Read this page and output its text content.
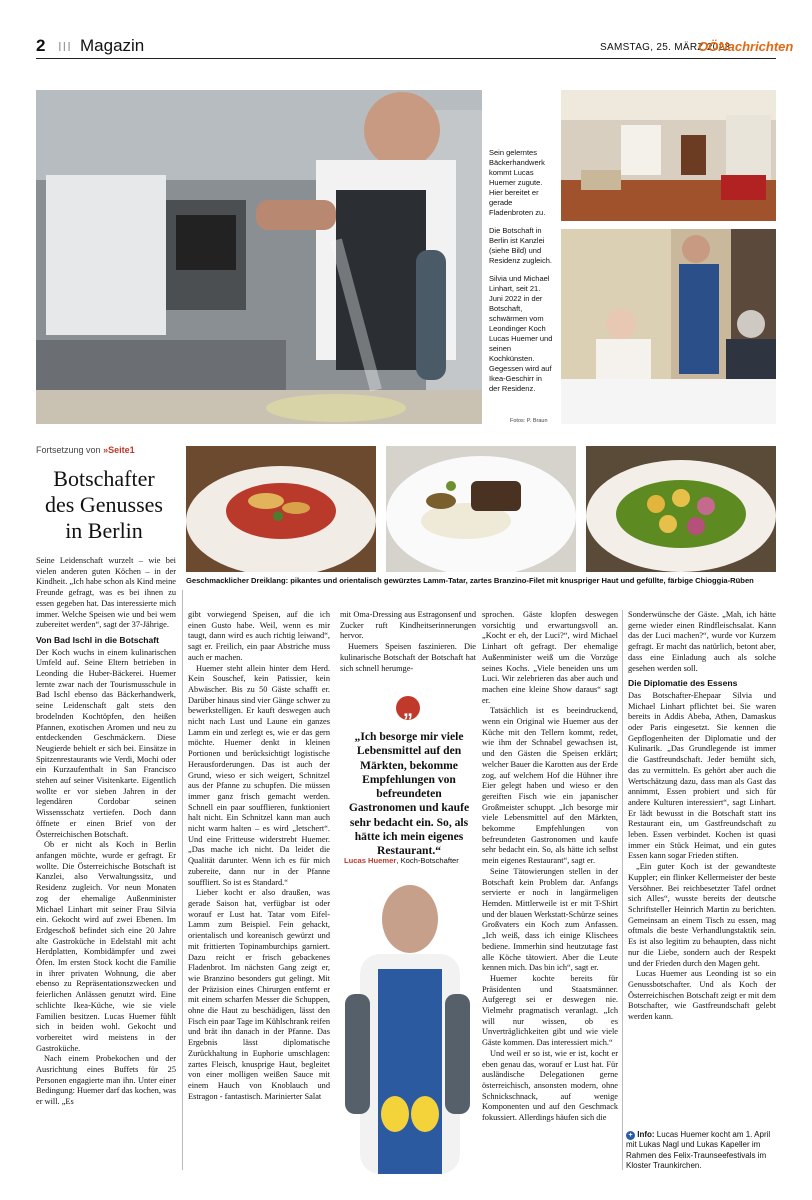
2 III Magazin	SAMSTAG, 25. MÄRZ 2023
OÖNachrichten

Sein gelerntes Bäckerhandwerk kommt Lucas Huemer zugute. Hier bereitet er gerade Fladenbroten zu.

Die Botschaft in Berlin ist Kanzlei (siehe Bild) und Residenz zugleich.

Silvia und Michael Linhart, seit 21. Juni 2022 in der Botschaft, schwärmen vom Leondinger Koch Lucas Huemer und seinen Kochkünsten. Gegessen wird auf Ikea-Geschirr in der Residenz.

Fotos: P. Braun
Fortsetzung von »Seite1
Botschafter des Genusses in Berlin
Geschmacklicher Dreiklang: pikantes und orientalisch gewürztes Lamm-Tatar, zartes Branzino-Filet mit knuspriger Haut und gefüllte, färbige Chioggia-Rüben

Seine Leidenschaft wurzelt – wie bei vielen anderen guten Köchen – in der Kindheit. „Ich habe schon als Kind meine Freunde gefragt, was es bei ihnen zu essen gegeben hat. Das interessierte mich immer. Welche Speisen wie und bei wem zubereitet werden“, sagt der 37-Jährige.

Von Bad Ischl in die Botschaft

Der Koch wuchs in einem kulinarischen Umfeld auf. Seine Eltern betrieben in Leonding die Huber-Bäckerei. Huemer lernte zwar nach der Tourismusschule in Bad Ischl ebenso das Bäckerhandwerk, seine Leidenschaft galt stets den brodelnden Kochtöpfen, den heißen Pfannen, exotischen Aromen und neu zu entdeckenden Geschmäckern. Diese Neugierde behielt er sich bei. Einsätze in Spitzenrestaurants wie Verdi, Mochi oder ein Kurzaufenthalt in San Francisco stehen auf seiner Visitenkarte. Eigentlich wollte er vor sieben Jahren in der legendären Cordobar seinen Wissensschatz vertiefen. Doch dann öffnete er einen Brief von der Österreichischen Botschaft.

Ob er nicht als Koch in Berlin anfangen möchte, wurde er gefragt. Er wollte. Die Österreichische Botschaft ist Kanzlei, also Verwaltungssitz, und Residenz zugleich. Vor neun Monaten zog der ehemalige Außenminister Michael Linhart mit seiner Frau Silvia ein. Gekocht wird auf zwei Ebenen. Im Erdgeschoß befindet sich eine 20 Jahre alte Gastroküche in Edelstahl mit acht Herdplatten, Kombidämpfer und zwei Öfen. Im ersten Stock kocht die Familie in ihrer privaten Wohnung, die aber ebenso zu Repräsentationszwecken und feierlichen Anlässen genutzt wird. Eine schlichte Ikea-Küche, wie sie viele Familien besitzen. Lucas Huemer fühlt sich in beiden wohl. Gekocht und vorbereitet wird meistens in der Gastroküche.

Nach einem Probekochen und der Ausrichtung eines Buffets für 25 Personen engagierte man ihn. Unter einer Bedingung: Huemer darf das kochen, was er will. „Es

gibt vorwiegend Speisen, auf die ich einen Gusto habe. Weil, wenn es mir taugt, dann wird es auch richtig leiwand“, sagt er. Freilich, ein paar Abstriche muss auch er machen.

Huemer steht allein hinter dem Herd. Kein Souschef, kein Patissier, kein Abwäscher. Bis zu 50 Gäste schafft er. Darüber hinaus sind vier Gänge schwer zu bewerkstelligen. Er kauft deswegen auch nicht nach Lust und Laune ein ganzes Lamm ein und zerlegt es, wie er das gern möchte. Huemer denkt in kleinen Portionen und berücksichtigt logistische Herausforderungen. Das ist auch der Grund, wieso er sich weigert, Schnitzel aus der Pfanne zu schupfen. Die müssen immer ganz frisch gemacht werden. Schnell ein paar soufflieren, funktioniert halt nicht. Ein Schnitzel kann man auch nicht warm halten – es wird „letschert“. Und eine Fritteuse widerstrebt Huemer. „Das mache ich nicht. Da leidet die Qualität darunter. Wenn ich es für mich zubereite, dann nur in der Pfanne souffliert. So ist es Standard.“

Lieber kocht er also draußen, was gerade Saison hat, verfügbar ist oder worauf er Lust hat. Tatar vom Eifel-Lamm zum Beispiel. Fein gehackt, orientalisch und koreanisch gewürzt und mit frittierten Topinamburchips garniert. Dazu reicht er frisch gebackenes Fladenbrot. Im nächsten Gang zeigt er, wie Branzino besonders gut gelingt. Mit der Präzision eines Chirurgen entfernt er mit einem scharfen Messer die Schuppen, ohne die Haut zu beschädigen, lässt den Fisch ein paar Tage im Kühlschrank reifen und brät ihn danach in der Pfanne. Das Ergebnis lässt diplomatische Zurückhaltung in Euphorie umschlagen: zartes Fleisch, knusprige Haut, begleitet von einer molligen weißen Sauce mit einem Hauch von Knoblauch und Estragon - fantastisch. Marinierter Salat

mit Oma-Dressing aus Estragonsenf und Zucker ruft Kindheitserinnerungen hervor.

Huemers Speisen faszinieren. Die kulinarische Botschaft der Botschaft hat sich schnell herumge-

„
„Ich besorge mir viele Lebensmittel auf den Märkten, bekomme Empfehlungen von befreundeten Gastronomen und kaufe sehr bedacht ein. So, als hätte ich mein eigenes Restaurant.“
Lucas Huemer, Koch-Botschafter

sprochen. Gäste klopfen deswegen vorsichtig und erwartungsvoll an. „Kocht er eh, der Luci?“, wird Michael Linhart oft gefragt. Der ehemalige Außenminister weiß um die Vorzüge seines Kochs. „Viele beneiden uns um Luci. Wir zelebrieren das aber auch und machen eine kleine Show daraus“ sagt er.

Tatsächlich ist es beeindruckend, wenn ein Original wie Huemer aus der Küche mit den Tellern kommt, redet, wie ihm der Schnabel gewachsen ist, und den Gästen die Speisen erklärt; welcher Bauer die Karotten aus der Erde zog, auf welchem Hof die Hühner ihre Eier gelegt haben und wieso er den gereiften Fisch wie ein japanischer Großmeister schuppt. „Ich besorge mir viele Lebensmittel auf den Märkten, bekomme Empfehlungen von befreundeten Gastronomen und kaufe sehr bedacht ein. So, als hätte ich selbst mein eigenes Restaurant“, sagt er.

Seine Tätowierungen stellen in der Botschaft kein Problem dar. Anfangs servierte er noch in langärmeligen Hemden. Mittlerweile ist er mit T-Shirt und der blauen Werkstatt-Schürze seines Großvaters ein Koch zum Anfassen. „Ich weiß, dass ich einige Klischees bediene. Immerhin sind heutzutage fast alle Köche tätowiert. Aber die Leute kennen mich. Das bin ich“, sagt er.

Huemer kochte bereits für Präsidenten und Staatsmänner. Aufgeregt sei er deswegen nie. Vielmehr pragmatisch veranlagt. „Ich will nur wissen, ob es Unverträglichkeiten gibt und wie viele Gäste kommen. Das interessiert mich.“

Und weil er so ist, wie er ist, kocht er eben genau das, worauf er Lust hat. Für ausländische Delegationen gerne österreichisch, ansonsten modern, ohne Schnickschnack, auf wenige Komponenten und auf den Geschmack fokussiert. Allerdings häufen sich die

Sonderwünsche der Gäste. „Mah, ich hätte gerne wieder einen Rindfleischsalat. Kann das der Luci machen?“, wurde vor Kurzem gefragt. Er macht das natürlich, betont aber, dass eine Einladung auch als solche gesehen werden soll.

Die Diplomatie des Essens

Das Botschafter-Ehepaar Silvia und Michael Linhart pflichtet bei. Sie waren bereits in Addis Abeba, Athen, Damaskus oder Paris eingesetzt. Sie kennen die Gepflogenheiten der Diplomatie und der Kulinarik. „Das Grundlegende ist immer die Gastfreundschaft. Jeder bemüht sich, das zu vermitteln. Es gehört aber auch die Wertschätzung dazu, dass man als Gast das annimmt, Essen probiert und sich für andere Kulturen interessiert“, sagt Linhart. Er lädt bewusst in die Botschaft statt ins Restaurant ein, um Gastfreundschaft zu leben. Essen verbindet. Kochen ist quasi immer ein Stück Heimat, und ein gutes Essen kann sogar Frieden stiften.

„Ein guter Koch ist der gewandteste Kuppler; ein flinker Kellermeister der beste Versöhner. Bei reichbesetzter Tafel ordnet sich Alles“, wusste bereits der deutsche Schriftsteller Heinrich Martin zu berichten. Gemeinsam an einem Tisch zu essen, mag oftmals die beste Verhandlungstaktik sein. Es ist also legitim zu behaupten, dass nicht nur die Liebe, sondern auch der Respekt und der Frieden durch den Magen geht.

Lucas Huemer aus Leonding ist so ein Genussbotschafter. Und als Koch der Österreichischen Botschaft zeigt er mit dem Botschafter, wie Gastfreundschaft gelebt werden kann.

+ Info: Lucas Huemer kocht am 1. April mit Lukas Nagl und Lukas Kapeller im Rahmen des Felix-Traunseefestivals im Kloster Traunkirchen.
